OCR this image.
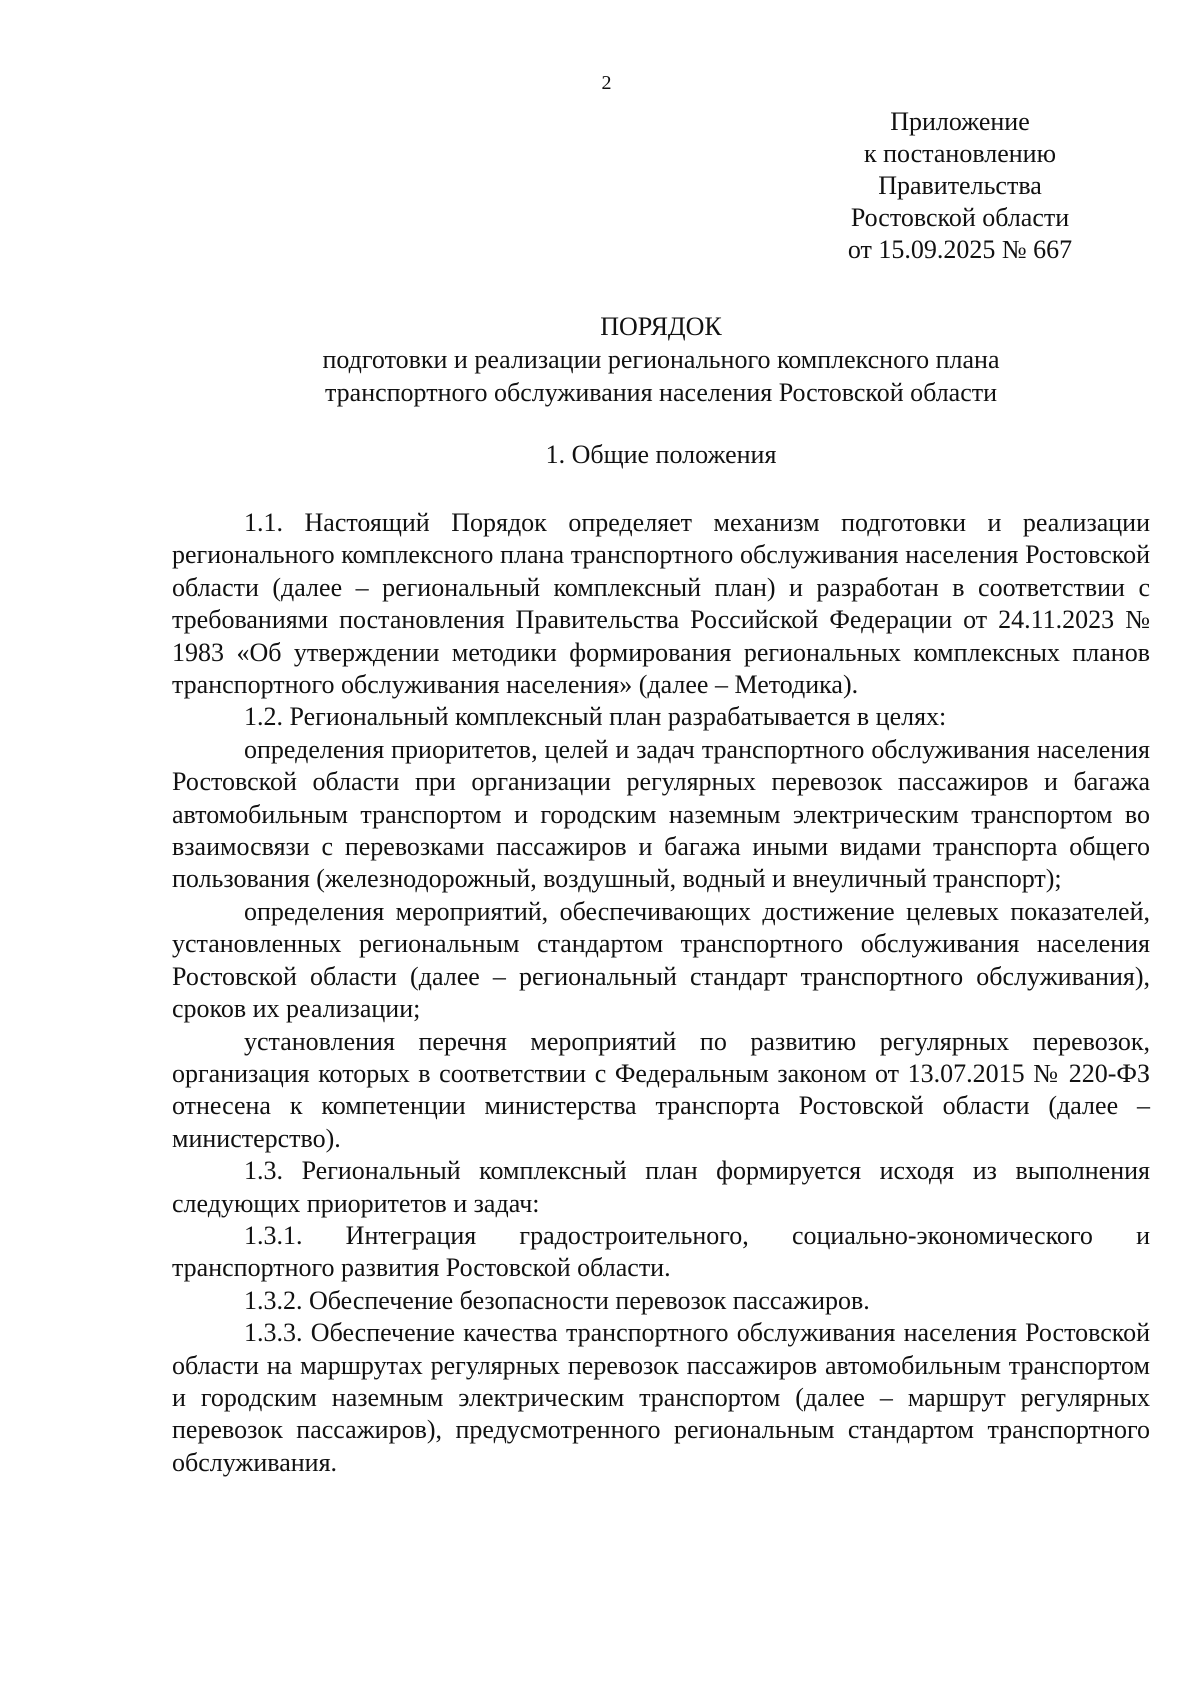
2
Приложение
к постановлению
Правительства
Ростовской области
от 15.09.2025 № 667
ПОРЯДОК
подготовки и реализации регионального комплексного плана
транспортного обслуживания населения Ростовской области
1. Общие положения

1.1. Настоящий Порядок определяет механизм подготовки и реализации регионального комплексного плана транспортного обслуживания населения Ростовской области (далее – региональный комплексный план) и разработан в соответствии с требованиями постановления Правительства Российской Федерации от 24.11.2023 № 1983 «Об утверждении методики формирования региональных комплексных планов транспортного обслуживания населения» (далее – Методика).

1.2. Региональный комплексный план разрабатывается в целях:

определения приоритетов, целей и задач транспортного обслуживания населения Ростовской области при организации регулярных перевозок пассажиров и багажа автомобильным транспортом и городским наземным электрическим транспортом во взаимосвязи с перевозками пассажиров и багажа иными видами транспорта общего пользования (железнодорожный, воздушный, водный и внеуличный транспорт);

определения мероприятий, обеспечивающих достижение целевых показателей, установленных региональным стандартом транспортного обслуживания населения Ростовской области (далее – региональный стандарт транспортного обслуживания), сроков их реализации;

установления перечня мероприятий по развитию регулярных перевозок, организация которых в соответствии с Федеральным законом от 13.07.2015 № 220-ФЗ отнесена к компетенции министерства транспорта Ростовской области (далее – министерство).

1.3. Региональный комплексный план формируется исходя из выполнения следующих приоритетов и задач:

1.3.1. Интеграция градостроительного, социально-экономического и транспортного развития Ростовской области.

1.3.2. Обеспечение безопасности перевозок пассажиров.

1.3.3. Обеспечение качества транспортного обслуживания населения Ростовской области на маршрутах регулярных перевозок пассажиров автомобильным транспортом и городским наземным электрическим транспортом (далее – маршрут регулярных перевозок пассажиров), предусмотренного региональным стандартом транспортного обслуживания.
